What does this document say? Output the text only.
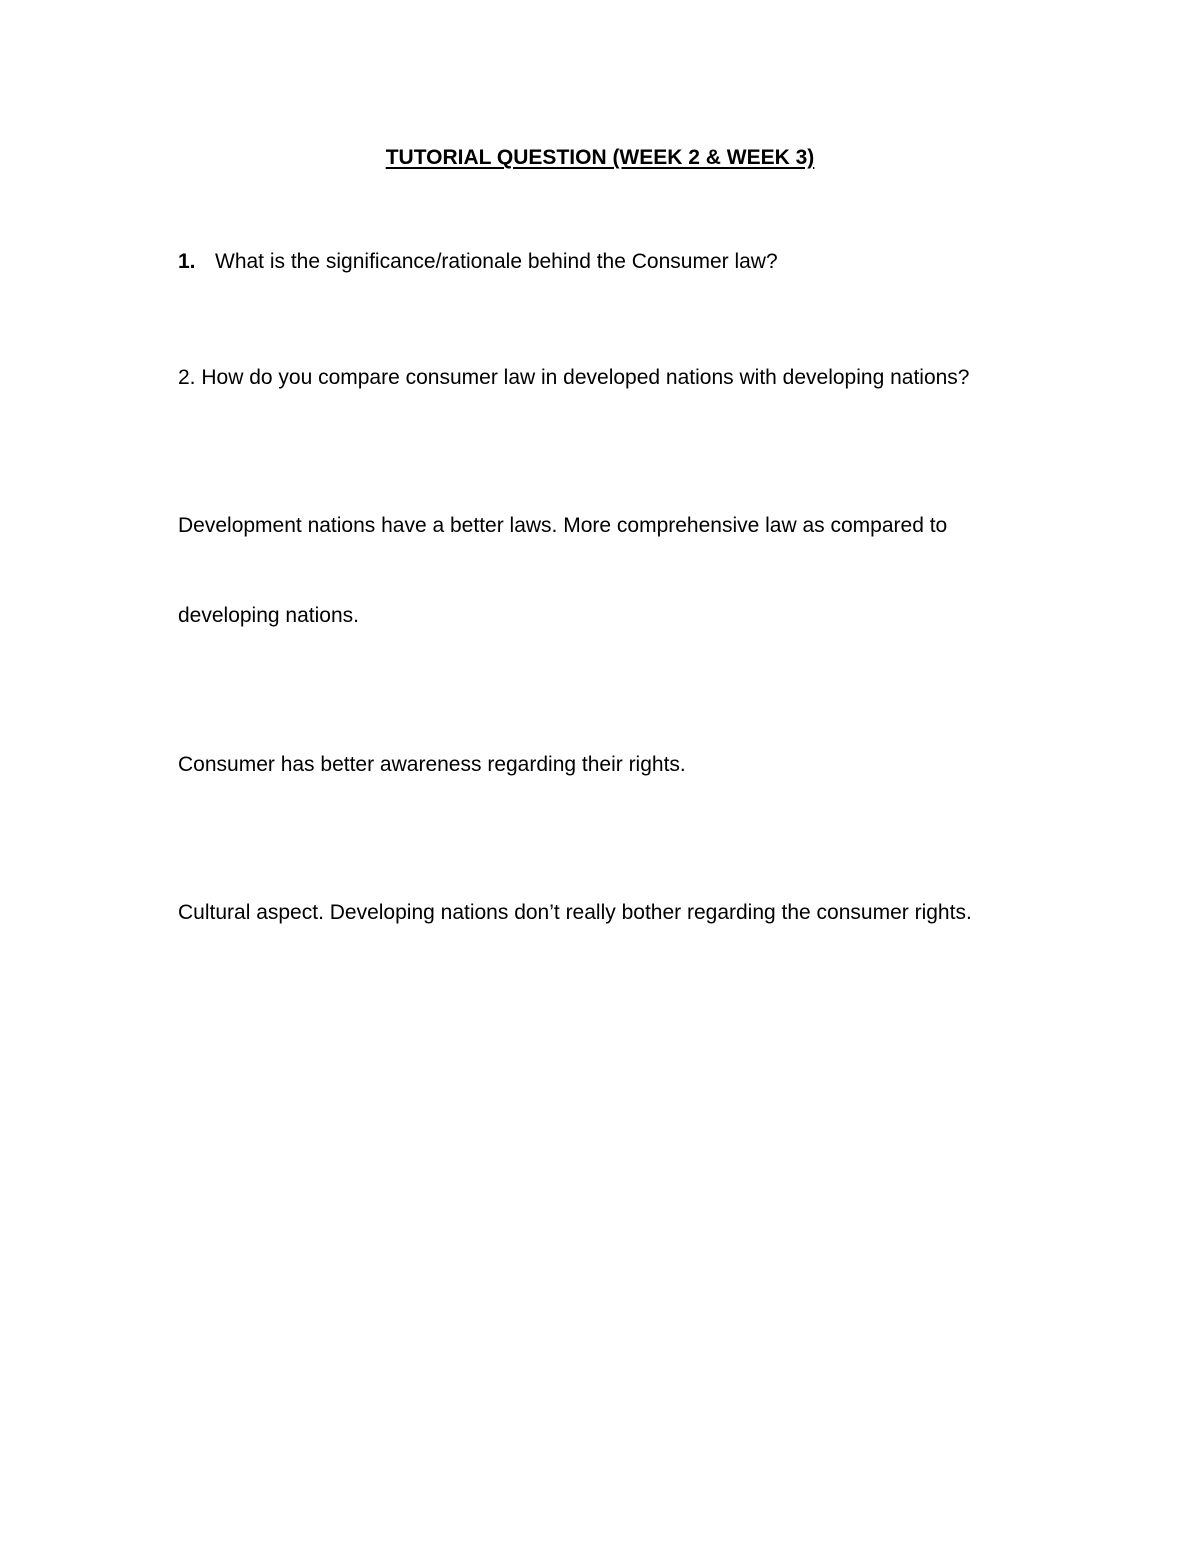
TUTORIAL QUESTION (WEEK 2 & WEEK 3)
1. What is the significance/rationale behind the Consumer law?
2. How do you compare consumer law in developed nations with developing nations?
Development nations have a better laws. More comprehensive law as compared to
developing nations.
Consumer has better awareness regarding their rights.
Cultural aspect. Developing nations don’t really bother regarding the consumer rights.
